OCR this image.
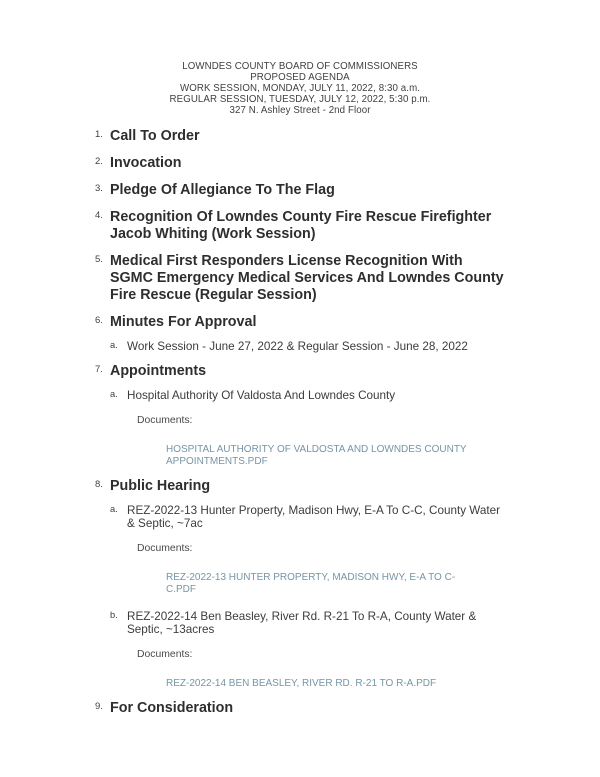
LOWNDES COUNTY BOARD OF COMMISSIONERS
PROPOSED AGENDA
WORK SESSION, MONDAY, JULY 11, 2022, 8:30 a.m.
REGULAR SESSION, TUESDAY, JULY 12, 2022, 5:30 p.m.
327 N. Ashley Street - 2nd Floor
1. Call To Order
2. Invocation
3. Pledge Of Allegiance To The Flag
4. Recognition Of Lowndes County Fire Rescue Firefighter Jacob Whiting (Work Session)
5. Medical First Responders License Recognition With SGMC Emergency Medical Services And Lowndes County Fire Rescue (Regular Session)
6. Minutes For Approval
a. Work Session - June 27, 2022 & Regular Session - June 28, 2022
7. Appointments
a. Hospital Authority Of Valdosta And Lowndes County
Documents:
HOSPITAL AUTHORITY OF VALDOSTA AND LOWNDES COUNTY APPOINTMENTS.PDF
8. Public Hearing
a. REZ-2022-13 Hunter Property, Madison Hwy, E-A To C-C, County Water & Septic, ~7ac
Documents:
REZ-2022-13 HUNTER PROPERTY, MADISON HWY, E-A TO C-C.PDF
b. REZ-2022-14 Ben Beasley, River Rd. R-21 To R-A, County Water & Septic, ~13acres
Documents:
REZ-2022-14 BEN BEASLEY, RIVER RD. R-21 TO R-A.PDF
9. For Consideration
